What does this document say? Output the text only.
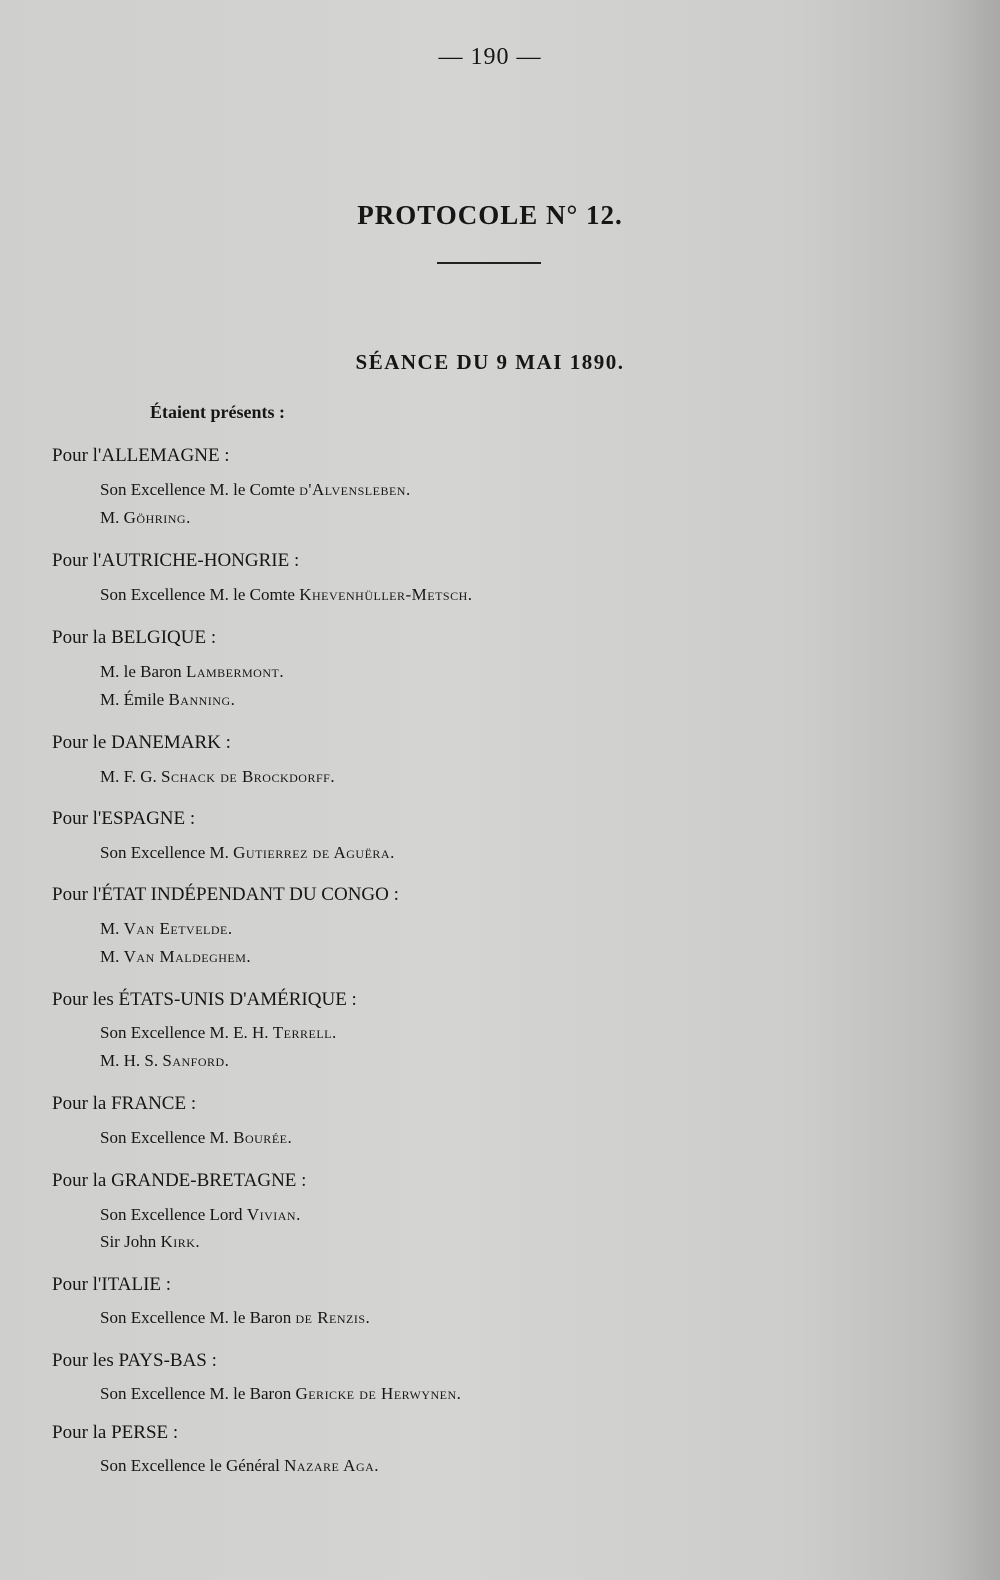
— 190 —
PROTOCOLE N° 12.
SÉANCE DU 9 MAI 1890.
Étaient présents :
Pour l'ALLEMAGNE :
Son Excellence M. le Comte d'Alvensleben.
M. Göhring.
Pour l'AUTRICHE-HONGRIE :
Son Excellence M. le Comte Khevenhüller-Metsch.
Pour la BELGIQUE :
M. le Baron Lambermont.
M. Émile Banning.
Pour le DANEMARK :
M. F. G. Schack de Brockdorff.
Pour l'ESPAGNE :
Son Excellence M. Gutierrez de Aguëra.
Pour l'ÉTAT INDÉPENDANT DU CONGO :
M. Van Eetvelde.
M. Van Maldeghem.
Pour les ÉTATS-UNIS D'AMÉRIQUE :
Son Excellence M. E. H. Terrell.
M. H. S. Sanford.
Pour la FRANCE :
Son Excellence M. Bourée.
Pour la GRANDE-BRETAGNE :
Son Excellence Lord Vivian.
Sir John Kirk.
Pour l'ITALIE :
Son Excellence M. le Baron de Renzis.
Pour les PAYS-BAS :
Son Excellence M. le Baron Gericke de Herwynen.
Pour la PERSE :
Son Excellence le Général Nazare Aga.
